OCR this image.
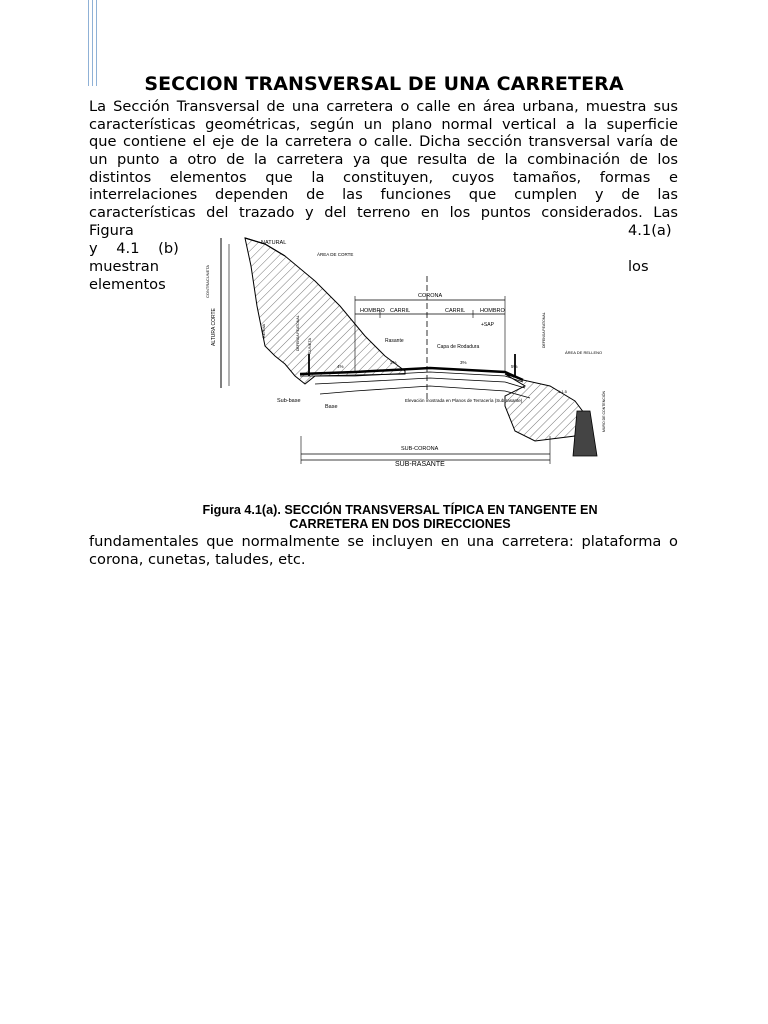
SECCION TRANSVERSAL DE UNA CARRETERA
La Sección Transversal de una carretera o calle en área urbana, muestra sus
características geométricas, según un plano normal vertical a la superficie
que contiene el eje de la carretera o calle. Dicha sección transversal varía de
un punto a otro de la carretera ya que resulta de la combinación de los
distintos elementos que la constituyen, cuyos tamaños, formas e
interrelaciones dependen de las funciones que cumplen y de las
características del trazado y del terreno en los puntos considerados. Las
Figura
y 4.1 (b)
muestran
elementos
4.1(a)
los
NATURAL
ÁREA DE CORTE
ALTURA CORTE
CONTRACUNETA
BERMA
CUNETA
DEFENSA PEATONAL
CORONA
HOMBRO CARRIL	CARRIL	HOMBRO
+SAP	DEFENSA PEATONAL
ÁREA DE RELLENO
Rasante
Capa de Rodadura
Sub-base
Base
Elevación mostrada en Planos de Terracería (Sub-rasante)
SUB-CORONA
SUB-RASANTE
MURO DE CONTENCIÓN
4%
3%	3%
5%
1:1.5
Figura 4.1(a). SECCIÓN TRANSVERSAL TÍPICA EN TANGENTE EN
CARRETERA EN DOS DIRECCIONES
fundamentales que normalmente se incluyen en una carretera: plataforma o
corona, cunetas, taludes, etc.
